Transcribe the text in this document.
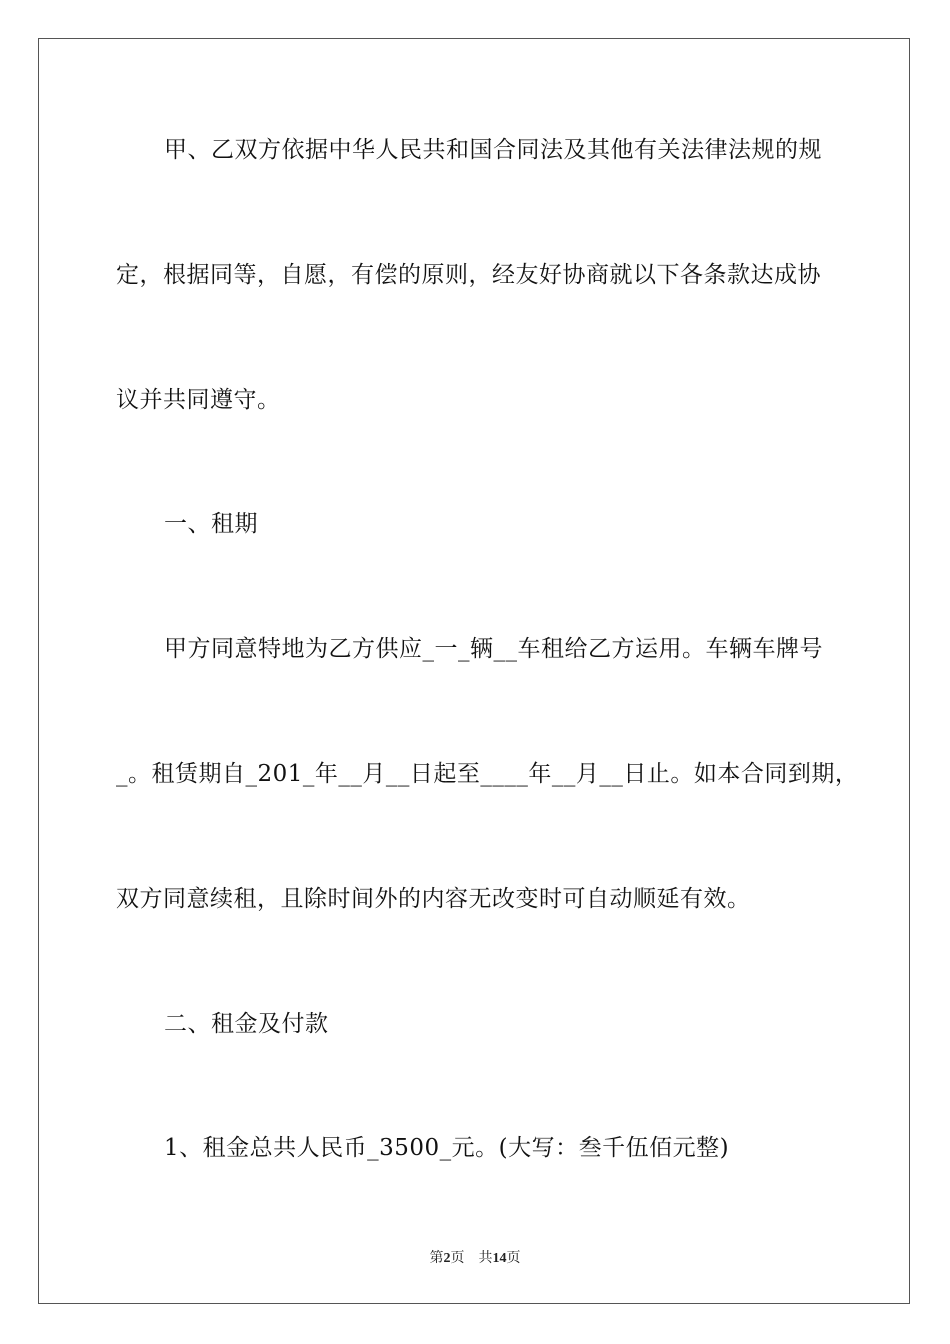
甲、乙双方依据中华人民共和国合同法及其他有关法律法规的规
定，根据同等，自愿，有偿的原则，经友好协商就以下各条款达成协
议并共同遵守。
一、租期
甲方同意特地为乙方供应_一_辆__车租给乙方运用。车辆车牌号
_。租赁期自_201_年__月__日起至____年__月__日止。如本合同到期，
双方同意续租，且除时间外的内容无改变时可自动顺延有效。
二、租金及付款
1、租金总共人民币_3500_元。(大写：叁千伍佰元整)
第2页 共14页
